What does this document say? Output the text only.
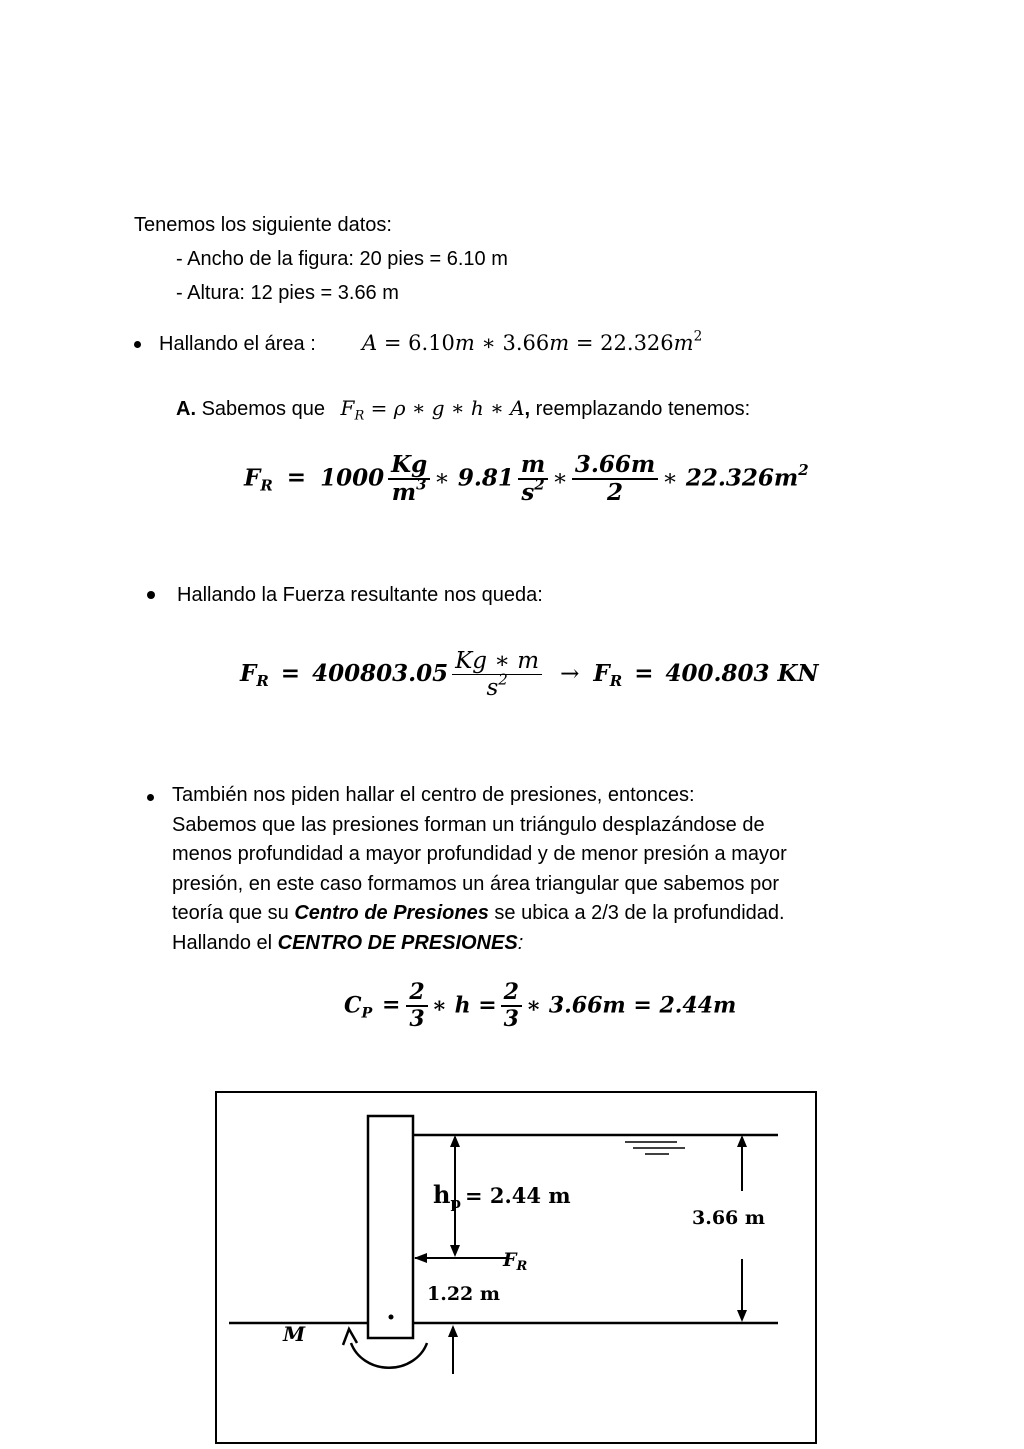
Tenemos los siguiente datos:
- Ancho de la figura: 20 pies = 6.10 m
- Altura: 12 pies = 3.66 m
Hallando el área : A = 6.10m ∗ $3.66m = 22.326m^2$
A. Sabemos que $F_R = \rho$ ∗ g ∗ h ∗ A, reemplazando tenemos:
$F_R = 1000 \frac{Kg}{m^3}$ ∗ $9.81 \frac{m}{s^2}$ ∗ $\frac{3.66m}{2}$ ∗ $22.326m^2$
Hallando la Fuerza resultante nos queda:
$F_R = 400803.05 \frac{Kg ∗ m}{s^2} \to F_R = 400.803$ KN
También nos piden hallar el centro de presiones, entonces:
Sabemos que las presiones forman un triángulo desplazándose de
menos profundidad a mayor profundidad y de menor presión a mayor
presión, en este caso formamos un área triangular que sabemos por
teoría que su Centro de Presiones se ubica a 2/3 de la profundidad.
Hallando el CENTRO DE PRESIONES:
$C_P = \frac{2}{3}$ ∗ $h = \frac{2}{3}$ ∗ 3.66m = 2.44m
$h_p = 2.44$ m
$F_R$
3.66 m
1.22 m
M
